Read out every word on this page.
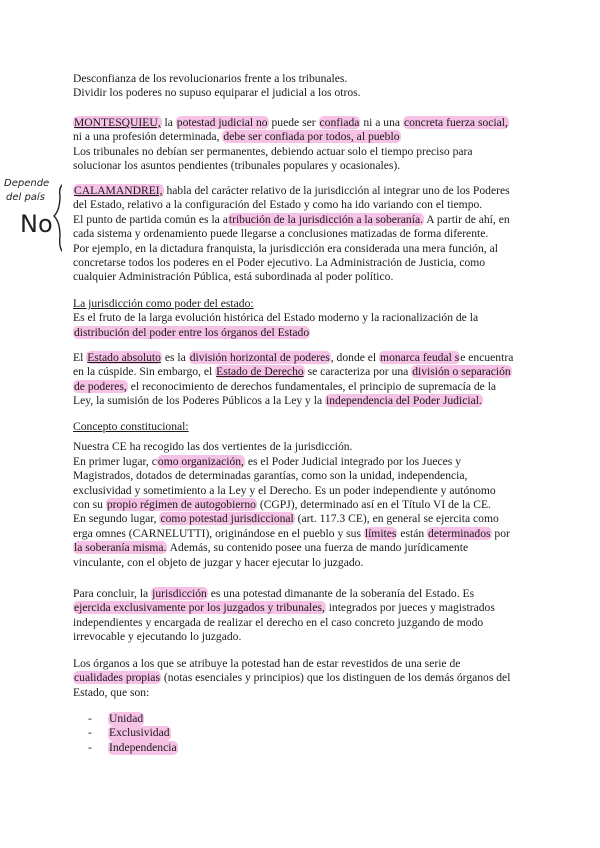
Depende
del país
No
Desconfianza de los revolucionarios frente a los tribunales.
Dividir los poderes no supuso equiparar el judicial a los otros.
MONTESQUIEU, la potestad judicial no puede ser confiada ni a una concreta fuerza social,
ni a una profesión determinada, debe ser confiada por todos, al pueblo
Los tribunales no debían ser permanentes, debiendo actuar solo el tiempo preciso para
solucionar los asuntos pendientes (tribunales populares y ocasionales).
CALAMANDREI, habla del carácter relativo de la jurisdicción al integrar uno de los Poderes
del Estado, relativo a la configuración del Estado y como ha ido variando con el tiempo.
El punto de partida común es la atribución de la jurisdicción a la soberanía. A partir de ahí, en
cada sistema y ordenamiento puede llegarse a conclusiones matizadas de forma diferente.
Por ejemplo, en la dictadura franquista, la jurisdicción era considerada una mera función, al
concretarse todos los poderes en el Poder ejecutivo. La Administración de Justicia, como
cualquier Administración Pública, está subordinada al poder político.
La jurisdicción como poder del estado:
Es el fruto de la larga evolución histórica del Estado moderno y la racionalización de la
distribución del poder entre los órganos del Estado
El Estado absoluto es la división horizontal de poderes, donde el monarca feudal se encuentra
en la cúspide. Sin embargo, el Estado de Derecho se caracteriza por una división o separación
de poderes, el reconocimiento de derechos fundamentales, el principio de supremacía de la
Ley, la sumisión de los Poderes Públicos a la Ley y la independencia del Poder Judicial.
Concepto constitucional:
Nuestra CE ha recogido las dos vertientes de la jurisdicción.
En primer lugar, como organización, es el Poder Judicial integrado por los Jueces y
Magistrados, dotados de determinadas garantías, como son la unidad, independencia,
exclusividad y sometimiento a la Ley y el Derecho. Es un poder independiente y autónomo
con su propio régimen de autogobierno (CGPJ), determinado así en el Título VI de la CE.
En segundo lugar, como potestad jurisdiccional (art. 117.3 CE), en general se ejercita como
erga omnes (CARNELUTTI), originándose en el pueblo y sus límites están determinados por
la soberanía misma. Además, su contenido posee una fuerza de mando jurídicamente
vinculante, con el objeto de juzgar y hacer ejecutar lo juzgado.
Para concluir, la jurisdicción es una potestad dimanante de la soberanía del Estado. Es
ejercida exclusivamente por los juzgados y tribunales, integrados por jueces y magistrados
independientes y encargada de realizar el derecho en el caso concreto juzgando de modo
irrevocable y ejecutando lo juzgado.
Los órganos a los que se atribuye la potestad han de estar revestidos de una serie de
cualidades propias (notas esenciales y principios) que los distinguen de los demás órganos del
Estado, que son:
-	Unidad
-	Exclusividad
-	Independencia
